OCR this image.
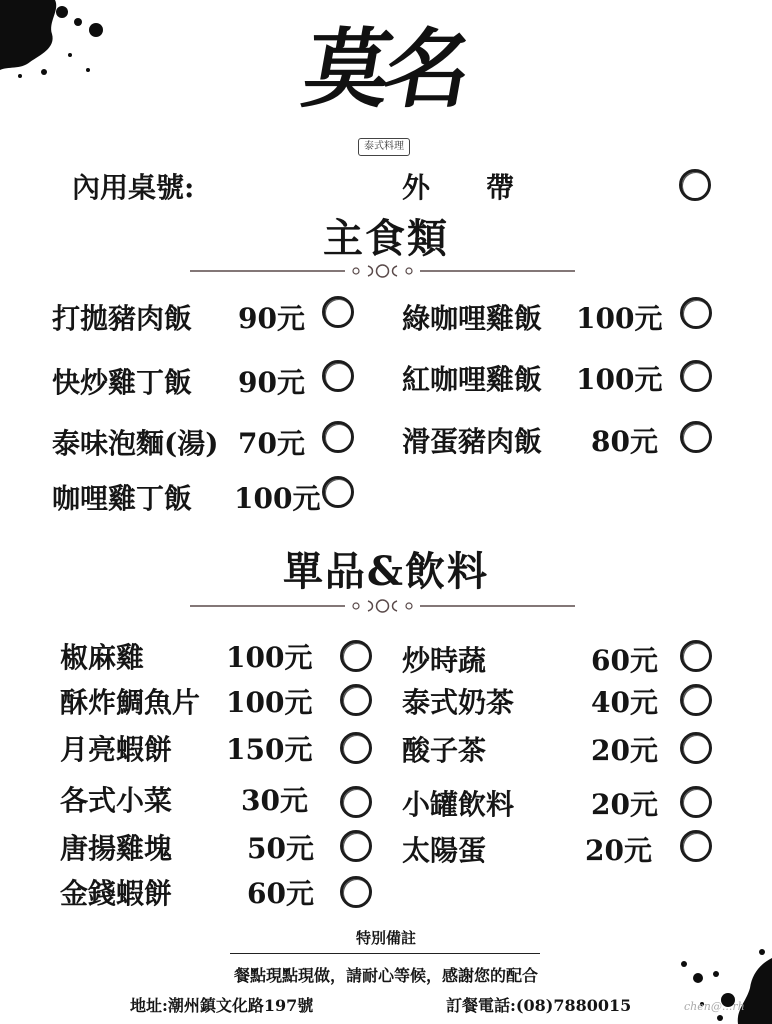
莫名
泰式料理
內用桌號:	外　　帶
主食類
打拋豬肉飯 90元	綠咖哩雞飯 100元
快炒雞丁飯 90元	紅咖哩雞飯 100元
泰味泡麵(湯) 70元	滑蛋豬肉飯	80元
咖哩雞丁飯 100元
單品&飲料
椒麻雞	100元	炒時蔬	60元
酥炸鯛魚片 100元	泰式奶茶	40元
月亮蝦餅 150元	酸子茶	20元
各式小菜	30元	小罐飲料	20元
唐揚雞塊	50元	太陽蛋	20元
金錢蝦餅	60元
特別備註
餐點現點現做，請耐心等候，感謝您的配合
地址:潮州鎮文化路197號	訂餐電話:(08)7880015	chen@...rh
